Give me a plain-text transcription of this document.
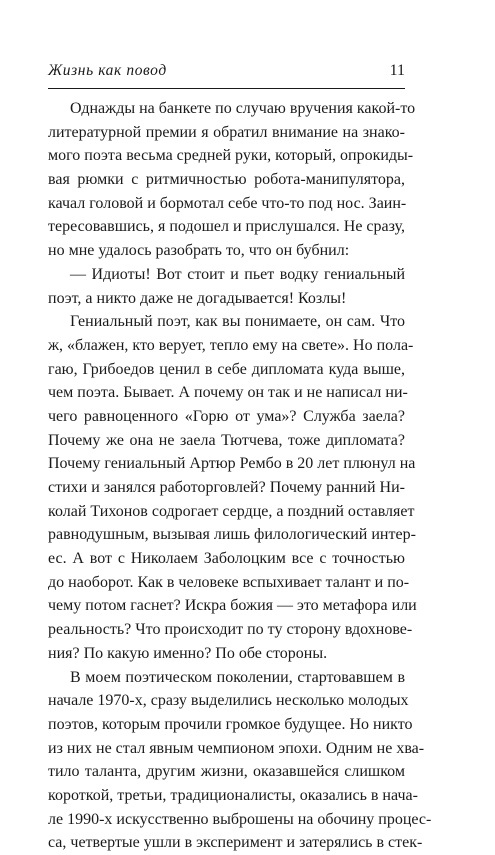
Жизнь как повод	11
Однажды на банкете по случаю вручения какой-то
литературной премии я обратил внимание на знако-
мого поэта весьма средней руки, который, опрокиды-
вая рюмки с ритмичностью робота-манипулятора,
качал головой и бормотал себе что-то под нос. Заин-
тересовавшись, я подошел и прислушался. Не сразу,
но мне удалось разобрать то, что он бубнил:
— Идиоты! Вот стоит и пьет водку гениальный
поэт, а никто даже не догадывается! Козлы!
Гениальный поэт, как вы понимаете, он сам. Что
ж, «блажен, кто верует, тепло ему на свете». Но пола-
гаю, Грибоедов ценил в себе дипломата куда выше,
чем поэта. Бывает. А почему он так и не написал ни-
чего равноценного «Горю от ума»? Служба заела?
Почему же она не заела Тютчева, тоже дипломата?
Почему гениальный Артюр Рембо в 20 лет плюнул на
стихи и занялся работорговлей? Почему ранний Ни-
колай Тихонов содрогает сердце, а поздний оставляет
равнодушным, вызывая лишь филологический интер-
ес. А вот с Николаем Заболоцким все с точностью
до наоборот. Как в человеке вспыхивает талант и по-
чему потом гаснет? Искра божия — это метафора или
реальность? Что происходит по ту сторону вдохнове-
ния? По какую именно? По обе стороны.
В моем поэтическом поколении, стартовавшем в
начале 1970-х, сразу выделились несколько молодых
поэтов, которым прочили громкое будущее. Но никто
из них не стал явным чемпионом эпохи. Одним не хва-
тило таланта, другим жизни, оказавшейся слишком
короткой, третьи, традиционалисты, оказались в нача-
ле 1990-х искусственно выброшены на обочину процес-
са, четвертые ушли в эксперимент и затерялись в стек-
